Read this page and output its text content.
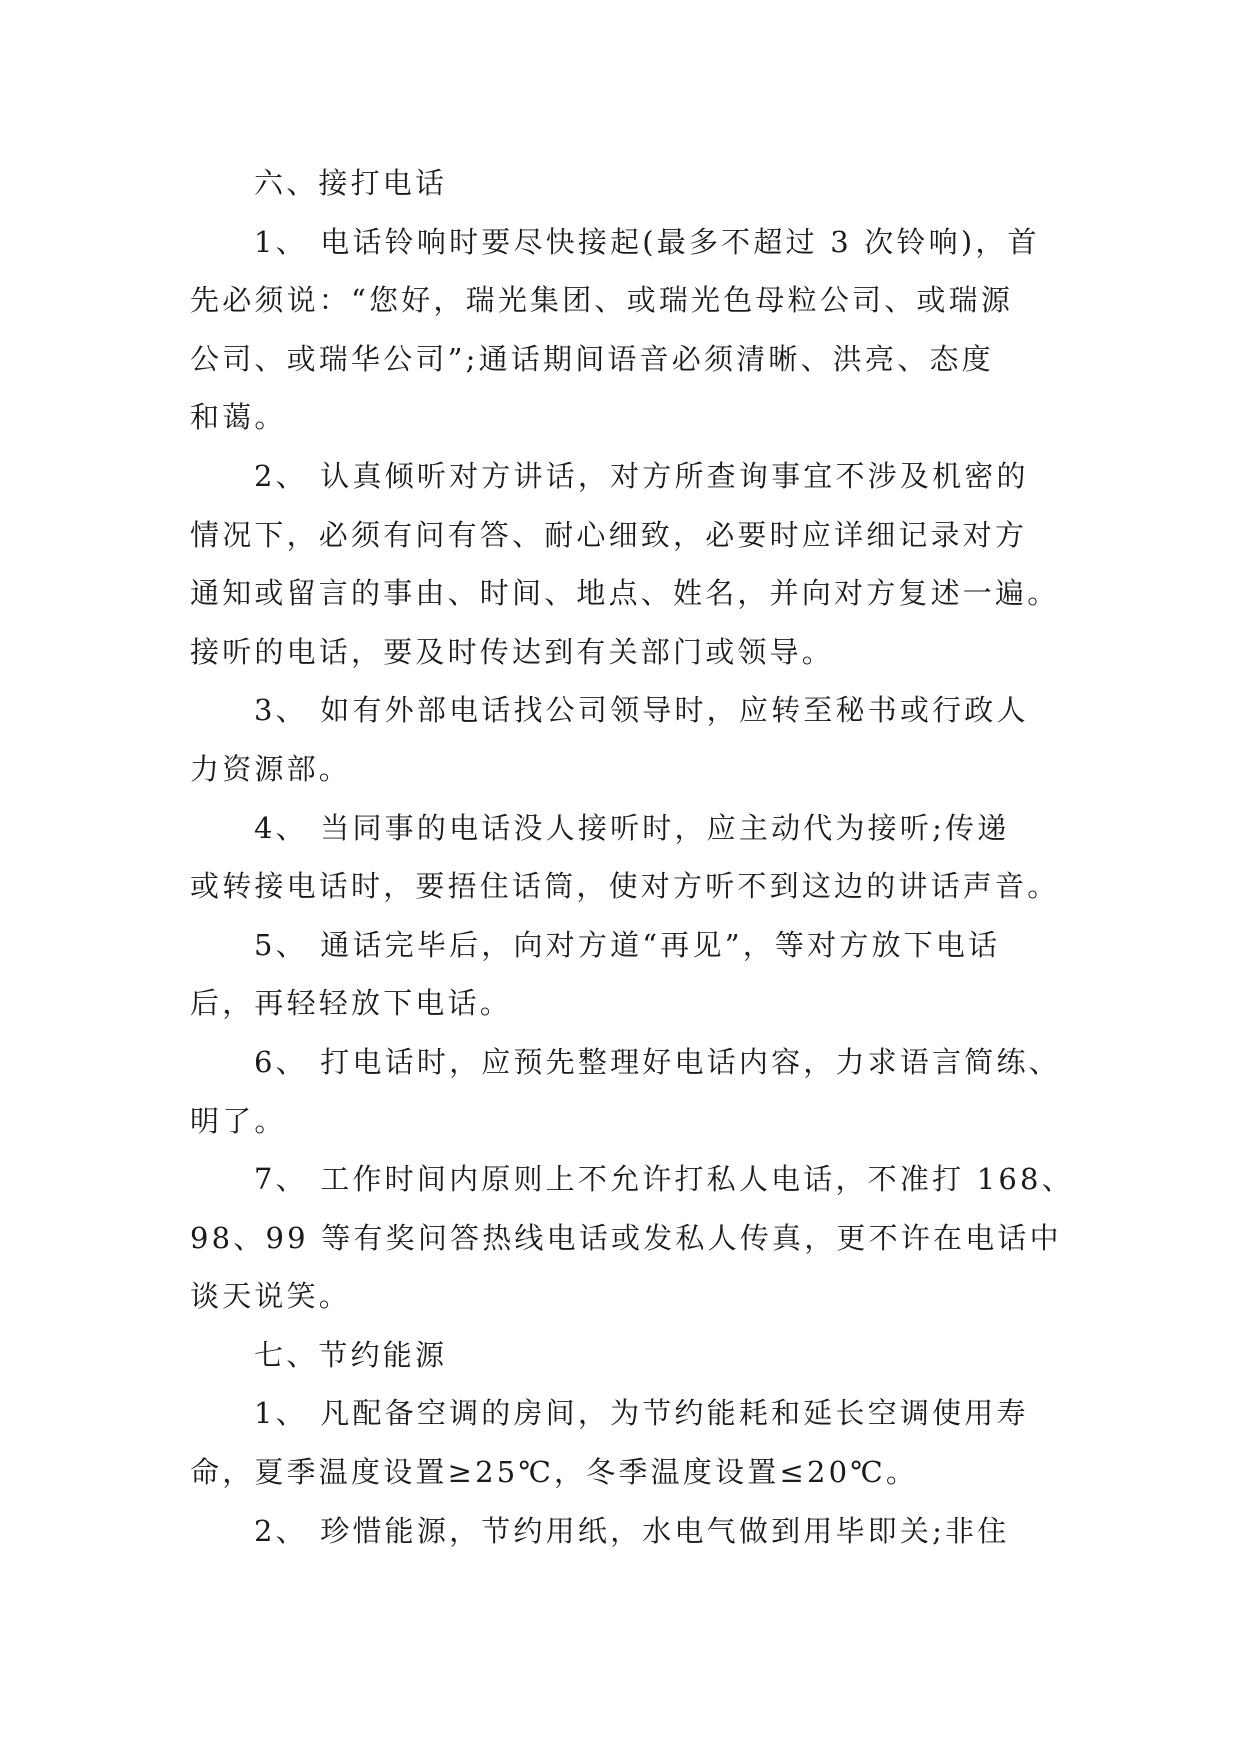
六、接打电话
1、 电话铃响时要尽快接起(最多不超过 3 次铃响)，首
先必须说：“您好，瑞光集团、或瑞光色母粒公司、或瑞源
公司、或瑞华公司”;通话期间语音必须清晰、洪亮、态度
和蔼。
2、 认真倾听对方讲话，对方所查询事宜不涉及机密的
情况下，必须有问有答、耐心细致，必要时应详细记录对方
通知或留言的事由、时间、地点、姓名，并向对方复述一遍。
接听的电话，要及时传达到有关部门或领导。
3、 如有外部电话找公司领导时，应转至秘书或行政人
力资源部。
4、 当同事的电话没人接听时，应主动代为接听;传递
或转接电话时，要捂住话筒，使对方听不到这边的讲话声音。
5、 通话完毕后，向对方道“再见”，等对方放下电话
后，再轻轻放下电话。
6、 打电话时，应预先整理好电话内容，力求语言简练、
明了。
7、 工作时间内原则上不允许打私人电话，不准打 168、
98、99 等有奖问答热线电话或发私人传真，更不许在电话中
谈天说笑。
七、节约能源
1、 凡配备空调的房间，为节约能耗和延长空调使用寿
命，夏季温度设置≥25℃，冬季温度设置≤20℃。
2、 珍惜能源，节约用纸，水电气做到用毕即关;非住
